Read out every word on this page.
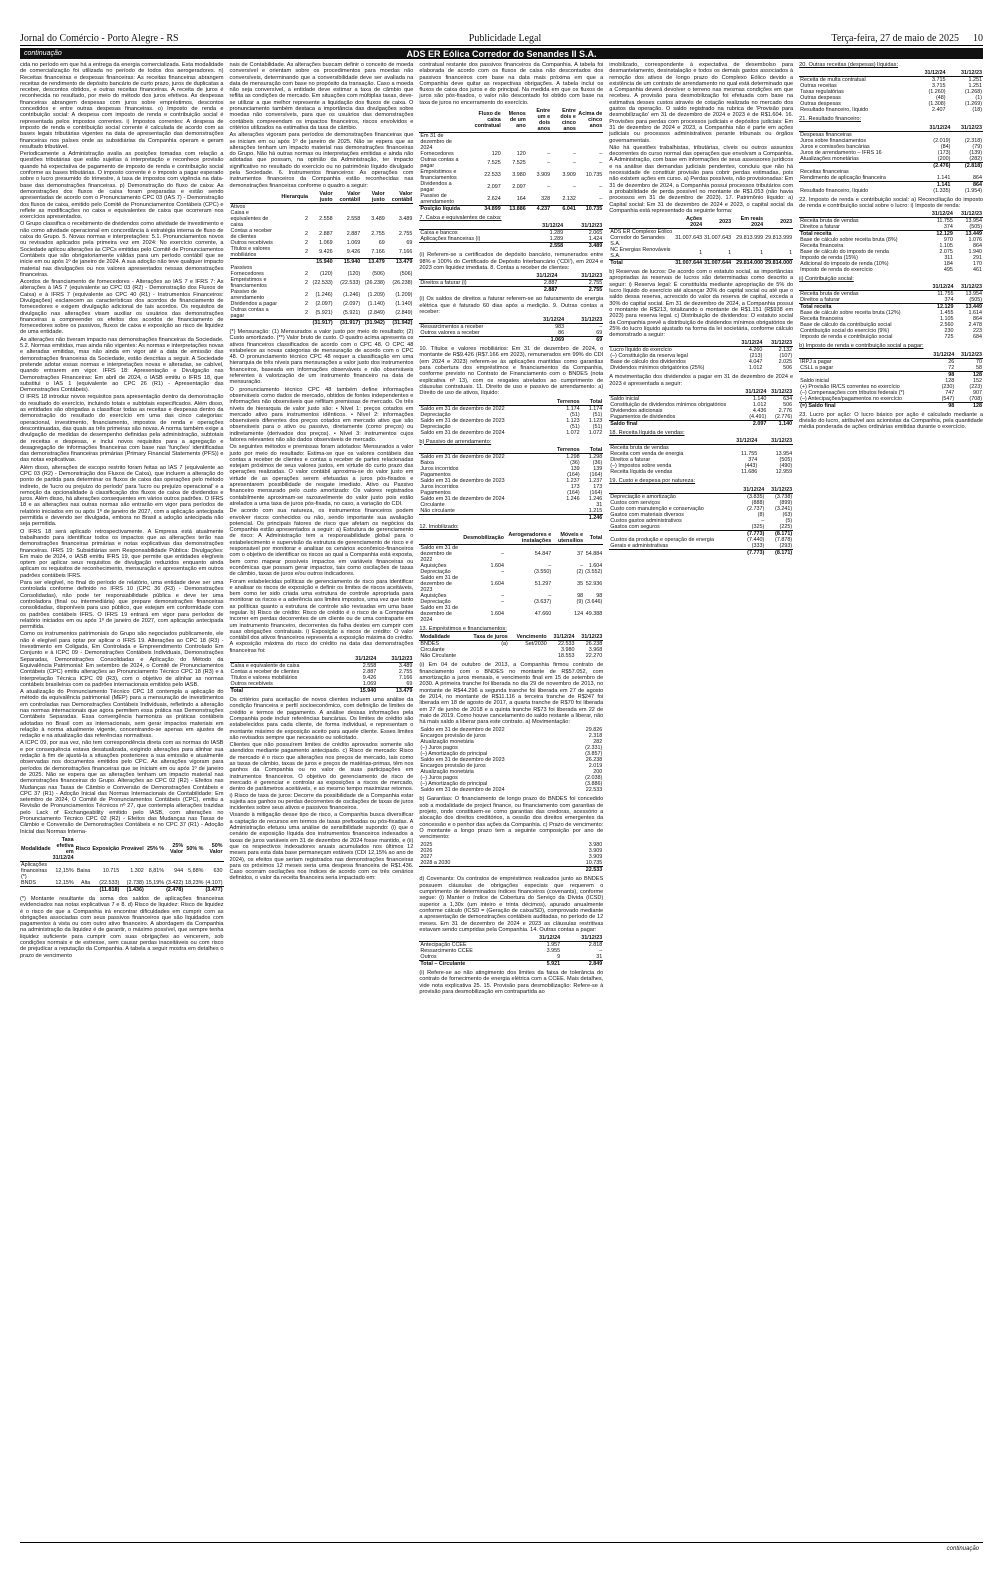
Jornal do Comércio - Porto Alegre - RS	Publicidade Legal	Terça-feira, 27 de maio de 2025 10
continuação	ADS ER Eólica Corredor do Senandes II S.A.

cida no período em que há a entrega da energia comercializada. Esta modalidade de comercialização foi utilizada no período de todos dos aerogeradores. n) Receitas financeiras e despesas financeiras: As receitas financeiras abrangem receitas de rendimento de depósito bancário de curto prazo, juros de duplicatas a receber, descontos obtidos, e outras receitas financeiras. A receita de juros é reconhecida no resultado, por meio do método dos juros efetivos. As despesas financeiras abrangem despesas com juros sobre empréstimos, descontos concedidos e entre outras despesas financeiras. o) Imposto de renda e contribuição social: A despesa com imposto de renda e contribuição social é representada pelos impostos correntes. i) Impostos correntes: A despesa de imposto de renda e contribuição social corrente é calculada de acordo com as bases legais tributárias vigentes na data de apresentação das demonstrações financeiras nos países onde as subsidiárias da Companhia operam e geram resultado tributável.

Periodicamente a Administração avalia as posições tomadas com relação a questões tributárias que estão sujeitas à interpretação e reconhece provisão quando há expectativa de pagamento de imposto de renda e contribuição social conforme as bases tributárias. O imposto corrente é o imposto a pagar esperado sobre o lucro presumido do trimestre, à taxa de impostos com vigência na data-base das demonstrações financeiras. p) Demonstração do fluxo de caixa: As demonstrações dos fluxos de caixa foram preparadas e estão sendo apresentadas de acordo com o Pronunciamento CPC 03 (IAS 7) - Demonstração dos fluxos de caixa, emitido pelo Comitê de Pronunciamentos Contábeis (CPC) e reflete as modificações no caixa e equivalentes de caixa que ocorreram nos exercícios apresentados.

O Grupo classifica o recebimento de dividendos como atividade de investimento e não como atividade operacional em concordância à estratégia interna de fluxo de caixa do Grupo. 5. Novas normas e interpretações: 5.1. Pronunciamentos novos ou revisados aplicados pela primeira vez em 2024: No exercício corrente, a Sociedade aplicou alterações às CPCs emitidas pelo Comitê de Pronunciamentos Contábeis que são obrigatoriamente válidas para um período contábil que se inicie em ou após 1º de janeiro de 2024. A sua adoção não teve qualquer impacto material nas divulgações ou nos valores apresentados nessas demonstrações financeiras.

Acordos de financiamento de fornecedores - Alterações ao IAS 7 e IFRS 7: As alterações à IAS 7 (equivalente ao CPC 03 (R2) - Demonstração dos Fluxos de Caixa) e à IFRS 7 (equivalente ao CPC 40 (R1) - Instrumentos Financeiros: Divulgações) esclarecem as características dos acordos de financiamento de fornecedores e exigem divulgação adicional de tais acordos. Os requisitos de divulgação nas alterações visam auxiliar os usuários das demonstrações financeiras a compreender os efeitos dos acordos de financiamento de fornecedores sobre os passivos, fluxos de caixa e exposição ao risco de liquidez de uma entidade.

As alterações não tiveram impacto nas demonstrações financeiras da Sociedade. 5.2. Normas emitidas, mas ainda não vigentes: As normas e interpretações novas e alteradas emitidas, mas não ainda em vigor até a data de emissão das demonstrações financeiras da Sociedade, estão descritas a seguir. A Sociedade pretende adotar essas normas e interpretações novas e alteradas, se cabível, quando entrarem em vigor. IFRS 18: Apresentação e Divulgação nas Demonstrações Financeiras: Em abril de 2024, o IASB emitiu o IFRS 18, que substitui o IAS 1 (equivalente ao CPC 26 (R1) - Apresentação das Demonstrações Contábeis).

O IFRS 18 introduz novos requisitos para apresentação dentro da demonstração do resultado do exercício, incluindo totais e subtotais especificados. Além disso, as entidades são obrigadas a classificar todas as receitas e despesas dentro da demonstração do resultado do exercício em uma das cinco categorias: operacional, investimento, financiamento, impostos de renda e operações descontinuadas, das quais as três primeiras são novas. A norma também exige a divulgação de medidas de desempenho definidas pela administração, subtotais de receitas e despesas, e inclui novos requisitos para a agregação e desagregação de informações financeiras com base nas 'funções' identificadas das demonstrações financeiras primárias (Primary Financial Statements (PFS)) e das notas explicativas.

Além disso, alterações de escopo restrito foram feitas ao IAS 7 (equivalente ao CPC 03 (R2) - Demonstração dos Fluxos de Caixa), que incluem a alteração do ponto de partida para determinar os fluxos de caixa das operações pelo método indireto, de 'lucro ou prejuízo do período' para 'lucro ou prejuízo operacional' e a remoção da opcionalidade à classificação dos fluxos de caixa de dividendos e juros. Além disso, há alterações consequentes em vários outros padrões. O IFRS 18 e as alterações nas outras normas são entrarão em vigor para períodos de relatório iniciados em ou após 1º de janeiro de 2027, com a aplicação antecipada permitida e devendo ser divulgada, embora no Brasil a adoção antecipada não seja permitida.

O IFRS 18 será aplicado retrospectivamente. A Empresa está atualmente trabalhando para identificar todos os impactos que as alterações terão nas demonstrações financeiras primárias e notas explicativas das demonstrações financeiras. IFRS 19: Subsidiárias sem Responsabilidade Pública: Divulgações: Em maio de 2024, o IASB emitiu IFRS 19, que permite que entidades elegíveis optem por aplicar seus requisitos de divulgação reduzidos enquanto ainda aplicam os requisitos de reconhecimento, mensuração e apresentação em outros padrões contábeis IFRS.

Para ser elegível, no final do período de relatório, uma entidade deve ser uma controlada conforme definido no IFRS 10 (CPC 36 (R3) - Demonstrações Consolidadas), não pode ter responsabilidade pública e deve ter uma controladora (final ou intermediária) que prepare demonstrações financeiras consolidadas, disponíveis para uso público, que estejam em conformidade com os padrões contábeis IFRS. O IFRS 19 entrará em vigor para períodos de relatório iniciados em ou após 1º de janeiro de 2027, com aplicação antecipada permitida.

Como os instrumentos patrimoniais do Grupo são negociados publicamente, ele não é elegível para optar por aplicar o IFRS 19. Alterações ao CPC 18 (R3) - Investimento em Coligada, Em Controlada e Empreendimento Controlado Em Conjunto e à ICPC 09 - Demonstrações Contábeis Individuais, Demonstrações Separadas, Demonstrações Consolidadas e Aplicação do Método da Equivalência Patrimonial: Em setembro de 2024, o Comitê de Pronunciamentos Contábeis (CPC) emitiu alterações ao Pronunciamento Técnico CPC 18 (R3) e à Interpretação Técnica ICPC 09 (R3), com o objetivo de alinhar as normas contábeis brasileiras com os padrões internacionais emitidos pelo IASB.

A atualização do Pronunciamento Técnico CPC 18 contempla a aplicação do método da equivalência patrimonial (MEP) para a mensuração de investimentos em controladas nas Demonstrações Contábeis Individuais, refletindo a alteração nas normas internacionais que agora permitem essa prática nas Demonstrações Contábeis Separadas. Essa convergência harmoniza as práticas contábeis adotadas no Brasil com as internacionais, sem gerar impactos materiais em relação à norma atualmente vigente, concentrando-se apenas em ajustes de redação e na atualização das referências normativas.

A ICPC 09, por sua vez, não tem correspondência direta com as normas do IASB e por consequência estava desatualizada, exigindo alterações para alinhar sua redação à fim de ajustá-la a situações posteriores a sua emissão e atualmente observadas nos documentos emitidos pelo CPC. As alterações vigoram para períodos de demonstrações financeiras que se iniciam em ou após 1º de janeiro de 2025. Não se espera que as alterações tenham um impacto material nas demonstrações financeiras do Grupo. Alterações ao CPC 02 (R2) - Efeitos nas Mudanças nas Taxas de Câmbio e Conversão de Demonstrações Contábeis e CPC 37 (R1) - Adoção Inicial das Normas Internacionais de Contabilidade: Em setembro de 2024, O Comitê de Pronunciamentos Contábeis (CPC), emitiu a Revisão de Pronunciamentos Técnicos nº 27, que contempla alterações trazidas pelo Lack of Exchangeability emitido pelo IASB, com alterações no Pronunciamento Técnico CPC 02 (R2) - Efeitos das Mudanças nas Taxas de Câmbio e Conversão de Demonstrações Contábeis e no CPC 37 (R1) - Adoção Inicial das Normas Interna-

Modalidade	Taxa efetiva em 31/12/24	Risco	Exposição	Provável	25% %	25% Valor	50% %	50% Valor
Aplicações financeiras (*)	12,15%	Baixa	10.715	1.302	8,81%	944	5,88%	630
BNDS	12,15%	Alta	(22.533)	(2.738)	15,19%	(3.422)	18,23%	(4.107)
			(11.818)	(1.436)		(2.478)		(3.477)

(*) Montante resultante da soma dos saldos de aplicações financeiras evidenciados nas notas explicativas 7 e 8. d) Risco de liquidez: Risco de liquidez é o risco de que a Companhia irá encontrar dificuldades em cumprir com as obrigações associadas com seus passivos financeiros que são liquidados com pagamentos à vista ou com outro ativo financeiro. A abordagem da Companhia na administração da liquidez é de garantir, o máximo possível, que sempre tenha liquidez suficiente para cumprir com suas obrigações ao vencerem, sob condições normais e de estresse, sem causar perdas inaceitáveis ou com risco de prejudicar a reputação da Companhia. A tabela a seguir mostra em detalhes o prazo de vencimento

nais de Contabilidade. As alterações buscam definir o conceito de moeda conversível e orientam sobre os procedimentos para moedas não conversíveis, determinando que a conversibilidade deve ser avaliada na data de mensuração com base no propósito da transação. Caso a moeda não seja conversível, a entidade deve estimar a taxa de câmbio que reflita as condições de mercado. Em situações com múltiplas taxas, deve-se utilizar a que melhor represente a liquidação dos fluxos de caixa. O pronunciamento também destaca a importância das divulgações sobre moedas não conversíveis, para que os usuários das demonstrações contábeis compreendam os impactos financeiros, riscos envolvidos e critérios utilizados na estimativa da taxa de câmbio.

As alterações vigoram para períodos de demonstrações financeiras que se iniciam em ou após 1º de janeiro de 2025. Não se espera que as alterações tenham um impacto material nas demonstrações financeiras do Grupo. Não há outras normas ou interpretações emitidas e ainda não adotadas que possam, na opinião da Administração, ter impacto significativo no resultado do exercício ou no patrimônio líquido divulgado pela Sociedade. 6. Instrumentos financeiros: As operações com instrumentos financeiros da Companhia estão reconhecidas nas demonstrações financeiras conforme o quadro a seguir:

	Hierarquia	Valor justo	Valor contábil	Valor justo	Valor contábil
Ativos					
Caixa e equivalentes de caixa	2	2.558	2.558	3.489	3.489
Contas a receber de clientes	2	2.887	2.887	2.755	2.755
Outros recebíveis	2	1.069	1.069	69	69
Títulos e valores mobiliários	2	9.426	9.426	7.166	7.166
		15.940	15.940	13.479	13.479
Passivos					
Fornecedores	2	(120)	(120)	(506)	(506)
Empréstimos e financiamentos	2	(22.533)	(22.533)	(26.238)	(26.238)
Passivo de arrendamento	2	(1.246)	(1.246)	(1.209)	(1.209)
Dividendos a pagar	2	(2.097)	(2.097)	(1.140)	(1.140)
Outras contas a pagar	2	(5.921)	(5.921)	(2.849)	(2.849)
		(31.917)	(31.917)	(31.942)	(31.942)

(*) Mensuração: (1) Mensurados a valor justo por meio do resultado; (2) Custo amortizado. (**) Valor bruto de custo. O quadro acima apresenta os ativos financeiros classificados de acordo com o CPC 48. O CPC 48 estabelece as novas categorias de mensuração de acordo com o CPC 48. O pronunciamento técnico CPC 48 requer a classificação em uma hierarquia de três níveis para mensurações a valor justo dos instrumentos financeiros, baseada em informações observáveis e não observáveis referentes à valorização de um instrumento financeiro na data de mensuração.

O pronunciamento técnico CPC 48 também define informações observáveis como dados de mercado, obtidos de fontes independentes e informações não observáveis que reflitam premissas de mercado. Os três níveis de hierarquia de valor justo são: • Nível 1: preços cotados em mercado ativo para instrumentos idênticos. • Nível 2: informações observáveis diferentes dos preços cotados em mercado ativo que são observáveis para o ativo ou passivo, diretamente (como preços) ou indiretamente (derivados dos preços). • Nível 3: instrumentos cujos fatores relevantes não são dados observáveis de mercado.

Os seguintes métodos e premissas foram adotados: Mensurados a valor justo por meio do resultado: Estima-se que os valores contábeis das contas a receber de clientes e contas a receber de partes relacionadas estejam próximos de seus valores justos, em virtude do curto prazo das operações realizadas. O valor contábil aproxima-se do valor justo em virtude de as operações serem efetuadas a juros pós-fixados e apresentarem possibilidade de resgate imediato. Ativo ou Passivo financeiro mensurado pelo custo amortizado: Os valores registrados contabilmente aproximam-se razoavelmente do valor justo pois estão atrelados a uma taxa de juros pós-fixada, no caso, a variação do CDI.

De acordo com sua natureza, os instrumentos financeiros podem envolver riscos conhecidos ou não, sendo importante sua avaliação potencial. Os principais fatores de risco que afetam os negócios da Companhia estão apresentados a seguir: a) Estrutura de gerenciamento de risco: A Administração tem a responsabilidade global para o estabelecimento e supervisão da estrutura de gerenciamento de risco e é responsável por monitorar e analisar os cenários econômico-financeiros com o objetivo de identificar os riscos ao qual a Companhia está exposta, bem como mapear possíveis impactos em variáveis financeiras ou econômicas que possam gerar impactos, tais como oscilações de taxas de câmbio, taxas de juros e/ou outros indicadores.

Foram estabelecidas políticas de gerenciamento de risco para identificar e analisar os riscos de exposição e definir os limites de riscos aceitáveis, bem como ter sido criada uma estrutura de controle apropriada para monitorar os riscos e a aderência aos limites impostos, uma vez que tanto as políticas quanto a estrutura de controle são revisadas em uma base regular. b) Risco de crédito: Risco de crédito é o risco de a Companhia incorrer em perdas decorrentes de um cliente ou de uma contraparte em um instrumento financeiro, decorrentes da falha destes em cumprir com suas obrigações contratuais. i) Exposição a riscos de crédito: O valor contábil dos ativos financeiros representa a exposição máxima do crédito. A exposição máxima do risco do crédito na data das demonstrações financeiras foi:

	31/12/24	31/12/23
Caixa e equivalente de caixa	2.558	3.489
Contas a receber de clientes	2.887	2.755
Títulos e valores mobiliários	9.426	7.166
Outros recebíveis	1.069	69
Total	15.940	13.479

Os critérios para aceitação de novos clientes incluem uma análise da condição financeira e perfil socioeconômico, com definição de limites de crédito e termos de pagamento. A análise dessas informações pela Companhia pode incluir referências bancárias. Os limites de crédito são estabelecidos para cada cliente, de forma individual, e representam o montante máximo de exposição aceito para aquele cliente. Esses limites são revisados sempre que necessário ou solicitado.

Clientes que não possuírem limites de crédito aprovados somente são atendidos mediante pagamento antecipado. c) Risco de mercado: Risco de mercado é o risco que alterações nos preços de mercado, tais como as taxas de câmbio, taxas de juros e preços de matérias-primas, têm nos ganhos da Companhia ou no valor de suas participações em instrumentos financeiros. O objetivo do gerenciamento de risco de mercado é gerenciar e controlar as exposições a riscos de mercado, dentro de parâmetros aceitáveis, e ao mesmo tempo maximizar retornos. i) Risco de taxa de juros: Decorre da possibilidade de a Companhia estar sujeita aos ganhos ou perdas decorrentes de oscilações de taxas de juros incidentes sobre seus ativos e passivos financeiros.

Visando à mitigação desse tipo de risco, a Companhia busca diversificar a captação de recursos em termos de taxas prefixadas ou pós-fixadas. A Administração efetuou uma análise de sensibilidade supondo: (i) que o cenário de exposição líquida dos instrumentos financeiros indexados a taxas de juros variáveis em 31 de dezembro de 2024 fosse mantido, e (ii) que os respectivos indexadores anuais acumulados nos últimos 12 meses para esta data base permaneçam estáveis (CDI 12,15% ao ano de 2024), os efeitos que seriam registrados nas demonstrações financeiras para os próximos 12 meses seria uma despesa financeira de R$1.436. Caso ocorram oscilações nos índices de acordo com os três cenários definidos, o valor da receita financeira seria impactado em:

contratual restante dos passivos financeiros da Companhia. A tabela foi elaborada de acordo com os fluxos de caixa não descontados dos passivos financeiros com base na data mais próxima em que a Companhia deve quitar as respectivas obrigações. A tabela inclui os fluxos de caixa dos juros e do principal. Na medida em que os fluxos de juros são pós-fixados, o valor não descontado foi obtido com base na taxa de juros no encerramento do exercício.

	Fluxo de caixa contratual	Menos de um ano	Entre um e dois anos	Entre dois e cinco anos	Acima de cinco anos
Em 31 de dezembro de 2024					
Fornecedores	120	120	–	–	–
Outras contas a pagar	7.525	7.525	–	–	–
Empréstimos e financiamentos	22.533	3.980	3.909	3.909	10.735
Dividendos a pagar	2.097	2.097	–	–	–
Passivo de arrendamento	2.624	164	328	2.132	–
Posição líquida	34.899	13.886	4.237	6.041	10.735

7. Caixa e equivalentes de caixa:

	31/12/24	31/12/23
Caixa e bancos	1.289	2.065
Aplicações financeiras (i)	1.289	1.424
	2.558	3.489

(i) Referem-se a certificados de depósito bancário, remunerados entre 98% e 100% do Certificado de Depósito Interbancário ('CDI'), em 2024 e 2023 com liquidez imediata. 8. Contas a receber de clientes:

	31/12/24	31/12/23
Direitos a faturar (i)	2.887	2.755
	2.887	2.755

(i) Os saldos de direitos a faturar referem-se ao faturamento de energia elétrica que é faturado 60 dias após a medição. 9. Outras contas a receber:

	31/12/24	31/12/23
Ressarcimentos a receber	983	–
Outros valores a receber	86	69
	1.069	69

10. Títulos e valores mobiliários: Em 31 de dezembro de 2024, o montante de R$9.426 (R$7.166 em 2023), remunerados em 99% do CDI (em 2024 e 2023) referem-se às aplicações mantidas como garantias para cobertura dos empréstimos e financiamentos da Companhia, conforme previsto no Contrato de Financiamento com o BNDES (nota explicativa nº 13), com os resgates atrelados ao cumprimento de cláusulas contratuais. 11. Direito de uso e passivo de arrendamento: a) Direito de uso de ativos, líquido:

	Terrenos	Total
Saldo em 31 de dezembro de 2022	1.174	1.174
Depreciação	(51)	(51)
Saldo em 31 de dezembro de 2023	1.123	1.123
Depreciação	(51)	(51)
Saldo em 31 de dezembro de 2024	1.072	1.072

b) Passivo de arrendamento:

	Terrenos	Total
Saldo em 31 de dezembro de 2022	1.298	1.298
Baixa	(36)	(36)
Juros incorridos	139	139
Pagamentos	(164)	(164)
Saldo em 31 de dezembro de 2023	1.237	1.237
Juros incorridos	173	173
Pagamentos	(164)	(164)
Saldo em 31 de dezembro de 2024	1.246	1.246
Circulante		31
Não circulante		1.215
		1.246

12. Imobilizado:

	Desmobilização	Aerogeradores e instalações	Móveis e utensílios	Total
Saldo em 31 de dezembro de 2022	–	54.847	37	54.884
Aquisições	1.604	–	–	1.604
Depreciação	–	(3.550)	(2)	(3.552)
Saldo em 31 de dezembro de 2023	1.604	51.297	35	52.936
Aquisições	–	–	98	98
Depreciação	–	(3.637)	(9)	(3.646)
Saldo em 31 de dezembro de 2024	1.604	47.660	124	49.388

13. Empréstimos e financiamentos:

Modalidade	Taxa de juros	Vencimento	31/12/24	31/12/23
BNDES	(a)	Set/2030	22.533	26.238
Circulante			3.980	3.968
Não Circulante			18.553	22.270

(i) Em 04 de outubro de 2013, a Companhia firmou contrato de financiamento com o BNDES no montante de R$57.052, com amortização a juros mensais, e vencimento final em 15 de setembro de 2030. A primeira tranche foi liberada no dia 29 de novembro de 2013, no montante de R$44.296 a segunda tranche foi liberada em 27 de agosto de 2014, no montante de R$11.116 a terceira tranche de R$247 foi liberada em 18 de agosto de 2017, a quarta tranche de R$70 foi liberada em 27 de junho de 2018 e a quinta tranche R$73 foi liberada em 22 de maio de 2019. Como houve cancelamento do saldo restante a liberar, não há mais saldo a liberar para este contrato. a) Movimentação:

Saldo em 31 de dezembro de 2022		29.826
Encargos provisão de juros		2.318
Atualização monetária		282
(–) Juros pagos		(2.331)
(–) Amortização do principal		(3.857)
Saldo em 31 de dezembro de 2023		26.238
Encargos provisão de juros		2.019
Atualização monetária		200
(–) Juros pagos		(2.038)
(–) Amortização do principal		(3.886)
Saldo em 31 de dezembro de 2024		22.533

b) Garantias: O financiamento de longo prazo do BNDES foi concedido sob a modalidade de project finance, ou financiamento com garantias de projeto, onde constituem-se como garantias das credoras, acessório a alocação dos direitos creditórios, a cessão dos direitos emergentes da concessão e o penhor das ações da Companhia. c) Prazo de vencimento: O montante a longo prazo tem a seguinte composição por ano de vencimento:

2025	3.980
2026	3.909
2027	3.909
2028 a 2030	10.735
	22.533

d) Covenants: Os contratos de empréstimos realizados junto ao BNDES possuem cláusulas de obrigações especiais que requerem o cumprimento de determinados índices financeiros (covenants), conforme segue: (i) Manter o índice de Cobertura do Serviço da Dívida (ICSD) superior a 1,30x (um inteiro e trinta décimos), apurado anualmente conforme cálculo (ICSD = (Geração de caixa/SD), comprovado mediante a apresentação de demonstrações contábeis auditadas, no período de 12 meses. Em 31 de dezembro de 2024 e 2023 as cláusulas restritivas estavam sendo cumpridas pela Companhia. 14. Outras contas a pagar:

	31/12/24	31/12/23
Antecipação CCEE	1.957	2.818
Ressarcimento CCEE	3.955	–
Outros	9	31
Total – Circulante	5.921	2.849

(i) Refere-se ao não atingimento dos limites da faixa de tolerância do contrato de fornecimento de energia elétrica com a CCEE. Mais detalhes, vide nota explicativa 25. 15. Provisão para desmobilização: Refere-se à provisão para desmobilização em contrapartida ao

imobilizado, correspondente à expectativa de desembolso para desmantelamento, desinstalação e todos os demais gastos associados à remoção dos ativos de longo prazo do Complexo Eólico devido a existência de um contrato de arrendamento no qual está determinado que a Companhia deverá devolver o terreno nas mesmas condições em que recebeu. A provisão para desmobilização foi efetuada com base na estimativa desses custos através de cotação realizada no mercado dos gastos da operação. O saldo registrado na rubrica de 'Provisão para desmobilização' em 31 de dezembro de 2024 e 2023 é de R$1.604. 16. Provisões para perdas com processos judiciais e depósitos judiciais: Em 31 de dezembro de 2024 e 2023, a Companhia não é parte em ações judiciais ou processos administrativos perante tribunais ou órgãos governamentais.

Não há questões trabalhistas, tributárias, cíveis ou outros assuntos decorrentes do curso normal das operações que envolvam a Companhia. A Administração, com base em informações de seus assessores jurídicos e na análise das demandas judiciais pendentes, concluiu que não há necessidade de constituir provisão para cobrir perdas estimadas, pois não existem ações em curso. a) Perdas possíveis, não provisionadas: Em 31 de dezembro de 2024, a Companhia possui processos tributários com a probabilidade de perda possível no montante de R$1.053 (não havia processos em 31 de dezembro de 2023). 17. Patrimônio líquido: a) Capital social: Em 31 de dezembro de 2024 e 2023, o capital social da Companhia está representado da seguinte forma:

	Ações 2024	2023	Em reais 2024	2023
ADS ER Complexo Eólico Corredor do Senandes S.A.	31.007.643	31.007.643	29.813.999	29.813.999
NC Energias Renováveis S.A.	1	1	1	1
Total	31.007.644	31.007.644	29.814.000	29.814.000

b) Reservas de lucros: De acordo com o estatuto social, as importâncias apropriadas às reservas de lucros são determinadas como descrito a seguir: i) Reserva legal: É constituída mediante apropriação de 5% do lucro líquido do exercício até alcançar 20% do capital social ou até que o saldo dessa reserva, acrescido do valor da reserva de capital, exceda a 30% do capital social. Em 31 de dezembro de 2024, a Companhia possui o montante de R$213, totalizando o montante de R$1.151 (R$938 em 2023) para reserva legal. c) Distribuição de dividendos: O estatuto social da Companhia prevê a distribuição de dividendos mínimos obrigatórios de 25% do lucro líquido ajustado na forma da lei societária, conforme cálculo demonstrado a seguir:

	31/12/24	31/12/23
Lucro líquido do exercício	4.260	2.132
(–) Constituição da reserva legal	(213)	(107)
Base de cálculo dos dividendos	4.047	2.025
Dividendos mínimos obrigatórios (25%)	1.012	506

A movimentação dos dividendos a pagar em 31 de dezembro de 2024 e 2023 é apresentada a seguir:

	31/12/24	31/12/23
Saldo inicial	1.140	634
Constituição de dividendos mínimos obrigatórios	1.012	506
Dividendos adicionais	4.436	2.776
Pagamentos de dividendos	(4.491)	(2.776)
Saldo final	2.097	1.140

18. Receita líquida de vendas:

	31/12/24	31/12/23
Receita bruta de vendas		
Receita com venda de energia	11.755	13.954
Direitos a faturar	374	(505)
(–) Impostos sobre venda	(443)	(490)
Receita líquida de vendas	11.686	12.959

19. Custo e despesa por natureza:

	31/12/24	31/12/23
Depreciação e amortização	(3.835)	(3.738)
Custos com serviços	(888)	(899)
Custo com manutenção e conservação	(2.737)	(3.241)
Gastos com materiais diversos	(8)	(63)
Custos gastos administrativos	–	(5)
Gastos com seguros	(325)	(225)
	(7.773)	(8.171)
Custos da produção e operação de energia	(7.440)	(7.878)
Gerais e administrativas	(333)	(293)
	(7.773)	(8.171)

20. Outras receitas (despesas) líquidas:

	31/12/24	31/12/23
Receita de multa contratual	3.715	1.251
Outras receitas	3.715	1.251
Taxas regulatórias	(1.260)	(1.268)
Outras despesas	(48)	(1)
Outras despesas	(1.308)	(1.269)
Resultado financeiro, líquido	2.407	(18)

21. Resultado financeiro:

	31/12/24	31/12/23
Despesas financeiras		
Juros sobre financiamentos	(2.019)	(2.318)
Juros e comissões bancárias	(84)	(79)
Juros de arrendamento – IFRS 16	(173)	(139)
Atualizações monetárias	(200)	(282)
	(2.476)	(2.818)
Receitas financeiras		
Rendimento de aplicação financeira	1.141	864
	1.141	864
Resultado financeiro, líquido	(1.335)	(1.954)

22. Imposto de renda e contribuição social: a) Reconciliação do imposto de renda e contribuição social sobre o lucro: i) Imposto de renda:

	31/12/24	31/12/23
Receita bruta de vendas	11.755	13.954
Direitos a faturar	374	(505)
Total receita	12.129	13.449
Base de cálculo sobre receita bruta (8%)	970	1.076
Receita financeira	1.105	864
Base de cálculo do imposto de renda	2.075	1.940
Imposto de renda (15%)	311	291
Adicional do imposto de renda (10%)	184	170
Imposto de renda do exercício	495	461

ii) Contribuição social:

	31/12/24	31/12/23
Receita bruta de vendas	11.755	13.954
Direitos a faturar	374	(505)
Total receita	12.129	13.449
Base de cálculo sobre receita bruta (12%)	1.455	1.614
Receita financeira	1.105	864
Base de cálculo da contribuição social	2.560	2.478
Contribuição social do exercício (9%)	230	223
Imposto de renda e contribuição social	725	684

b) Imposto de renda e contribuição social a pagar:

	31/12/24	31/12/23
IRPJ a pagar	26	70
CSLL a pagar	72	58
	98	128
Saldo inicial	128	152
(+) Provisão IR/CS correntes no exercício	(230)	(223)
(–) Compensações com tributos federais (*)	747	907
(–) Antecipações/pagamentos no exercício	(547)	(708)
(=) Saldo final	98	128

23. Lucro por ação: O lucro básico por ação é calculado mediante a divisão do lucro, atribuível aos acionistas da Companhia, pela quantidade média ponderada de ações ordinárias emitidas durante o exercício.

continuação
